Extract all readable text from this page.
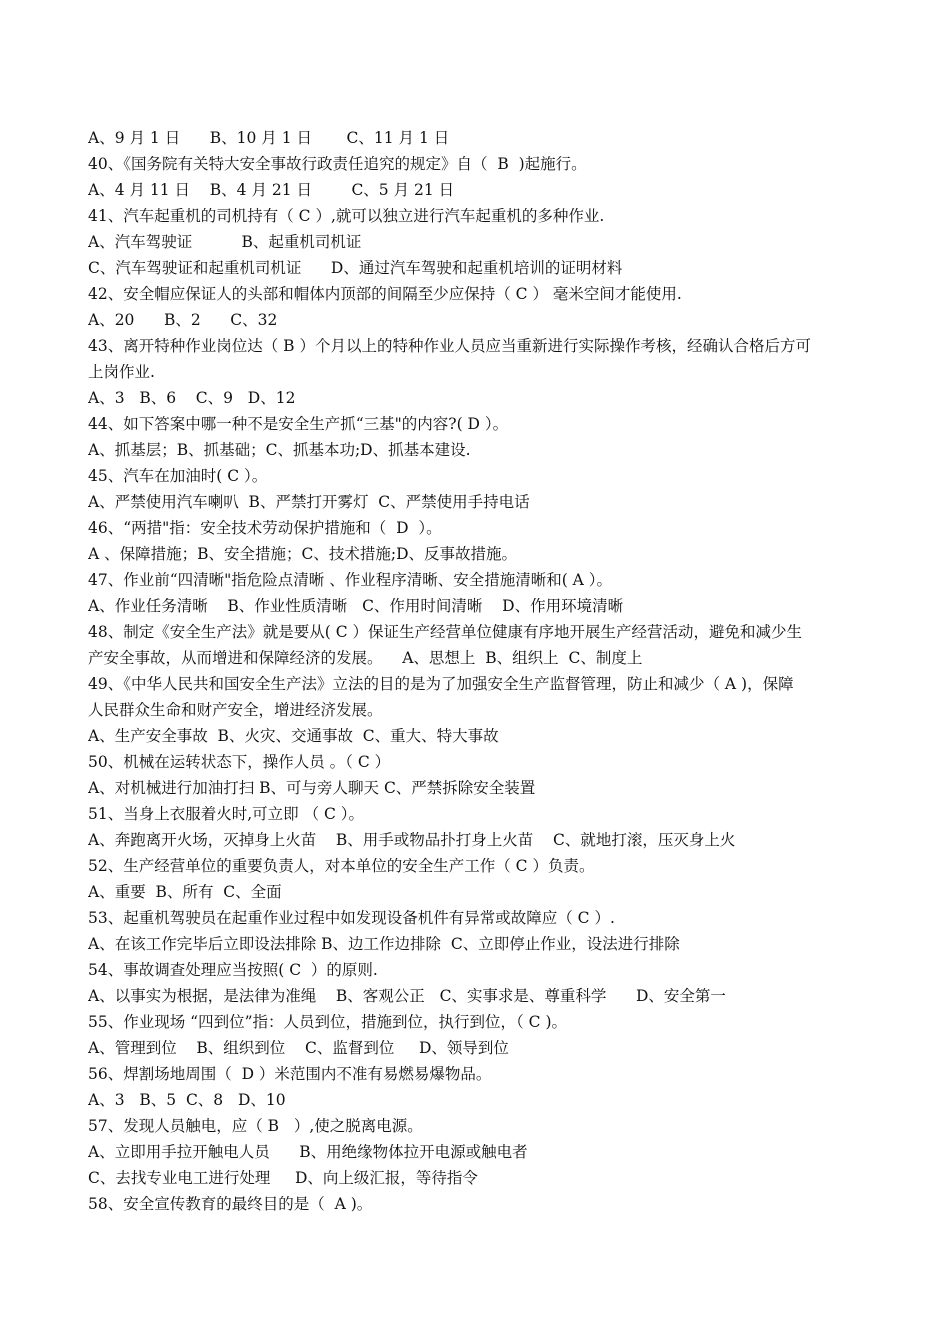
A、9 月 1 日      B、10 月 1 日       C、11 月 1 日
40、《国务院有关特大安全事故行政责任追究的规定》自（  B  )起施行。
A、4 月 11 日    B、4 月 21 日        C、5 月 21 日
41、汽车起重机的司机持有（ C ）,就可以独立进行汽车起重机的多种作业.
A、汽车驾驶证          B、起重机司机证
C、汽车驾驶证和起重机司机证      D、通过汽车驾驶和起重机培训的证明材料
42、安全帽应保证人的头部和帽体内顶部的间隔至少应保持（ C ） 毫米空间才能使用.
A、20      B、2      C、32
43、离开特种作业岗位达（ B ）个月以上的特种作业人员应当重新进行实际操作考核，经确认合格后方可
上岗作业.
A、3   B、6    C、9   D、12
44、如下答案中哪一种不是安全生产抓“三基"的内容?( D ）。
A、抓基层；B、抓基础；C、抓基本功;D、抓基本建设.
45、汽车在加油时( C ）。
A、严禁使用汽车喇叭  B、严禁打开雾灯  C、严禁使用手持电话
46、“两措"指：安全技术劳动保护措施和（  D  ）。
A 、保障措施；B、安全措施；C、技术措施;D、反事故措施。
47、作业前“四清晰"指危险点清晰 、作业程序清晰、安全措施清晰和( A ）。
A、作业任务清晰    B、作业性质清晰   C、作用时间清晰    D、作用环境清晰
48、制定《安全生产法》就是要从( C ）保证生产经营单位健康有序地开展生产经营活动，避免和减少生
产安全事故，从而增进和保障经济的发展。    A、思想上  B、组织上  C、制度上
49、《中华人民共和国安全生产法》立法的目的是为了加强安全生产监督管理，防止和减少（ A )，保障
人民群众生命和财产安全，增进经济发展。
A、生产安全事故  B、火灾、交通事故  C、重大、特大事故
50、机械在运转状态下，操作人员 。（ C ）
A、对机械进行加油打扫 B、可与旁人聊天 C、严禁拆除安全装置
51、当身上衣服着火时,可立即 （ C ）。
A、奔跑离开火场，灭掉身上火苗    B、用手或物品扑打身上火苗    C、就地打滚，压灭身上火
52、生产经营单位的重要负责人，对本单位的安全生产工作（ C ）负责。
A、重要  B、所有  C、全面
53、起重机驾驶员在起重作业过程中如发现设备机件有异常或故障应（ C ）.
A、在该工作完毕后立即设法排除 B、边工作边排除  C、立即停止作业，设法进行排除
54、事故调查处理应当按照( C  ）的原则.
A、以事实为根据，是法律为准绳    B、客观公正   C、实事求是、尊重科学      D、安全第一
55、作业现场 “四到位”指：人员到位，措施到位，执行到位，（ C )。
A、管理到位    B、组织到位    C、监督到位     D、领导到位
56、焊割场地周围（  D ）米范围内不准有易燃易爆物品。
A、3   B、5  C、8   D、10
57、发现人员触电，应（ B   ）,使之脱离电源。
A、立即用手拉开触电人员      B、用绝缘物体拉开电源或触电者
C、去找专业电工进行处理     D、向上级汇报，等待指令
58、安全宣传教育的最终目的是（  A )。
